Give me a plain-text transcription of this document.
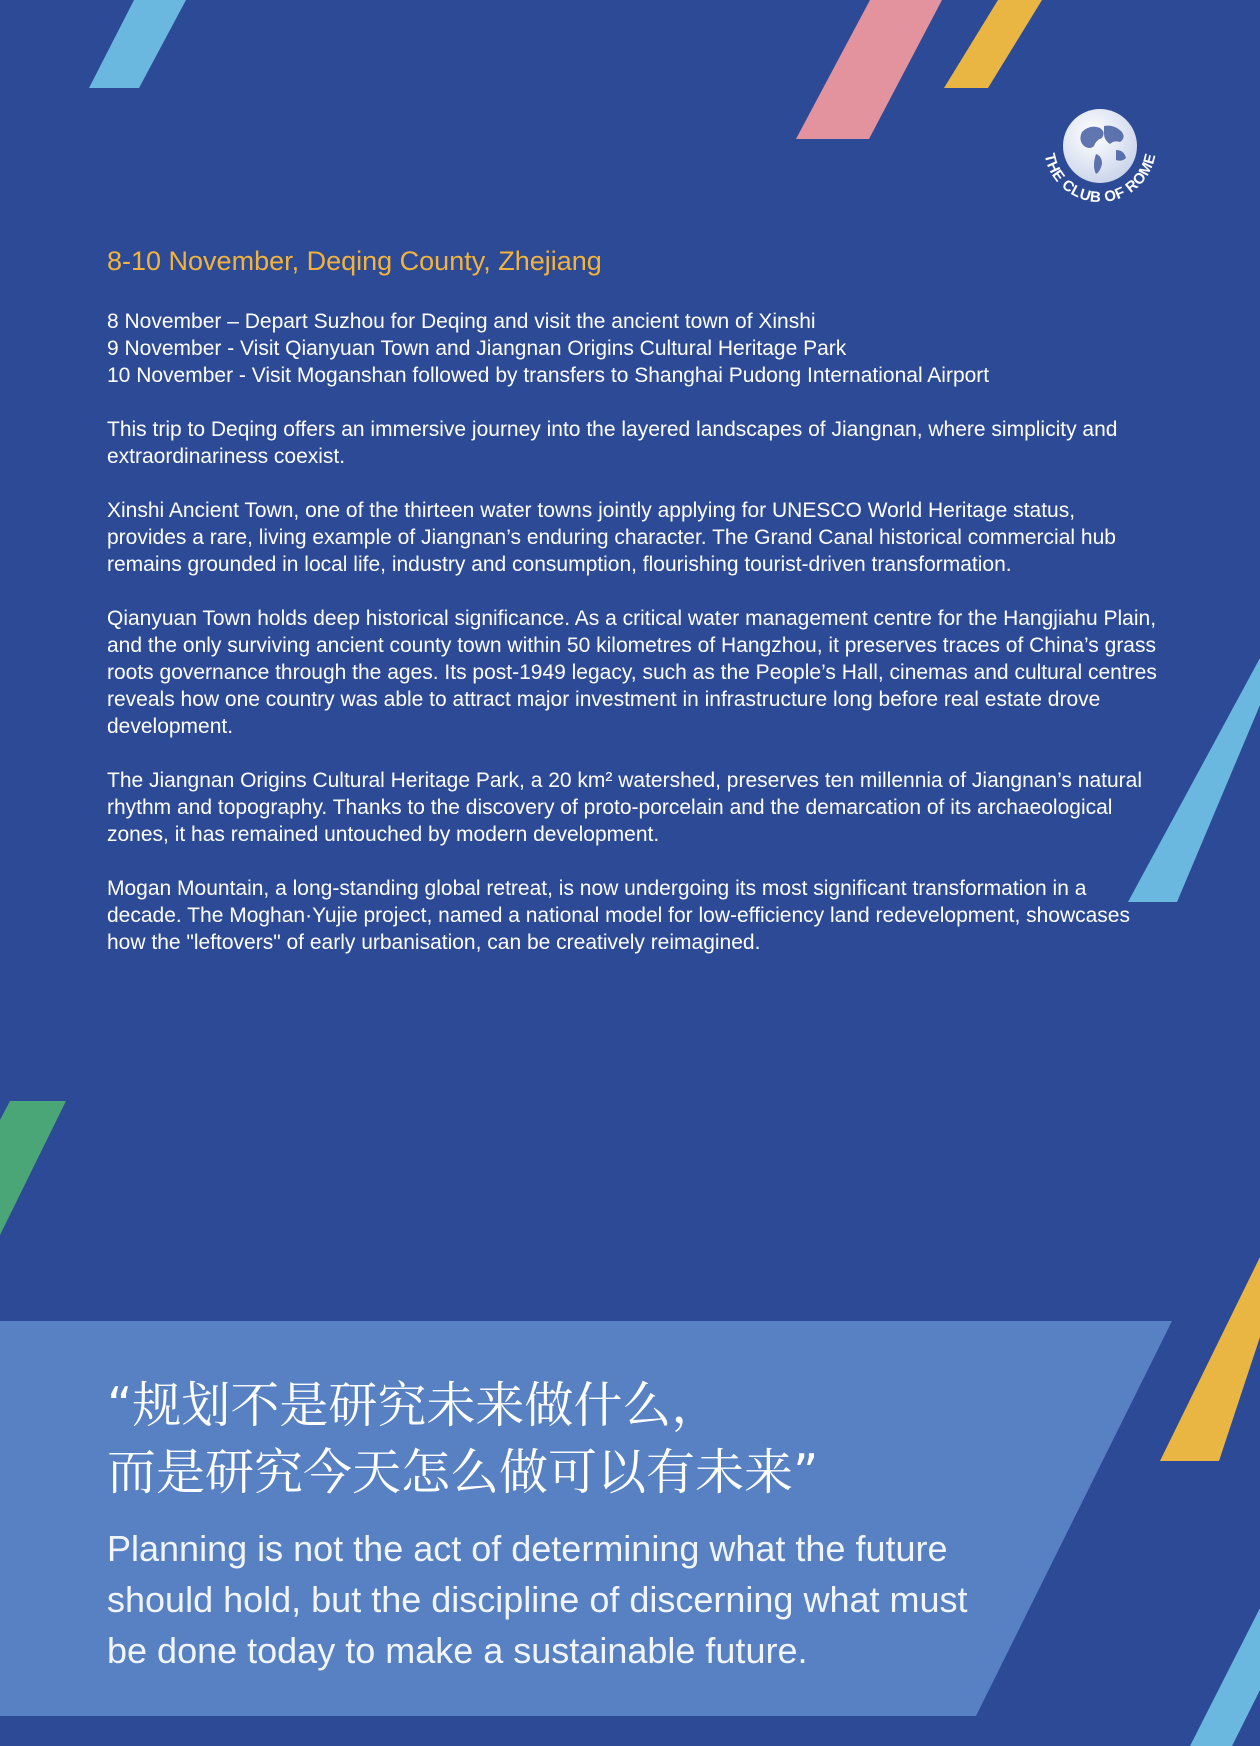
THE CLUB OF ROME
8-10 November, Deqing County, Zhejiang
8 November – Depart Suzhou for Deqing and visit the ancient town of Xinshi
9 November - Visit Qianyuan Town and Jiangnan Origins Cultural Heritage Park
10 November - Visit Moganshan followed by transfers to Shanghai Pudong International Airport
This trip to Deqing offers an immersive journey into the layered landscapes of Jiangnan, where simplicity and extraordinariness coexist.
Xinshi Ancient Town, one of the thirteen water towns jointly applying for UNESCO World Heritage status, provides a rare, living example of Jiangnan’s enduring character. The Grand Canal historical commercial hub remains grounded in local life, industry and consumption, flourishing tourist-driven transformation.
Qianyuan Town holds deep historical significance. As a critical water management centre for the Hangjiahu Plain, and the only surviving ancient county town within 50 kilometres of Hangzhou, it preserves traces of China’s grass roots governance through the ages. Its post-1949 legacy, such as the People’s Hall, cinemas and cultural centres reveals how one country was able to attract major investment in infrastructure long before real estate drove development.
The Jiangnan Origins Cultural Heritage Park, a 20 km² watershed, preserves ten millennia of Jiangnan’s natural rhythm and topography. Thanks to the discovery of proto-porcelain and the demarcation of its archaeological zones, it has remained untouched by modern development.
Mogan Mountain, a long-standing global retreat, is now undergoing its most significant transformation in a decade. The Moghan·Yujie project, named a national model for low-efficiency land redevelopment, showcases how the "leftovers" of early urbanisation, can be creatively reimagined.
“规划不是研究未来做什么，
而是研究今天怎么做可以有未来”
Planning is not the act of determining what the future should hold, but the discipline of discerning what must be done today to make a sustainable future.
